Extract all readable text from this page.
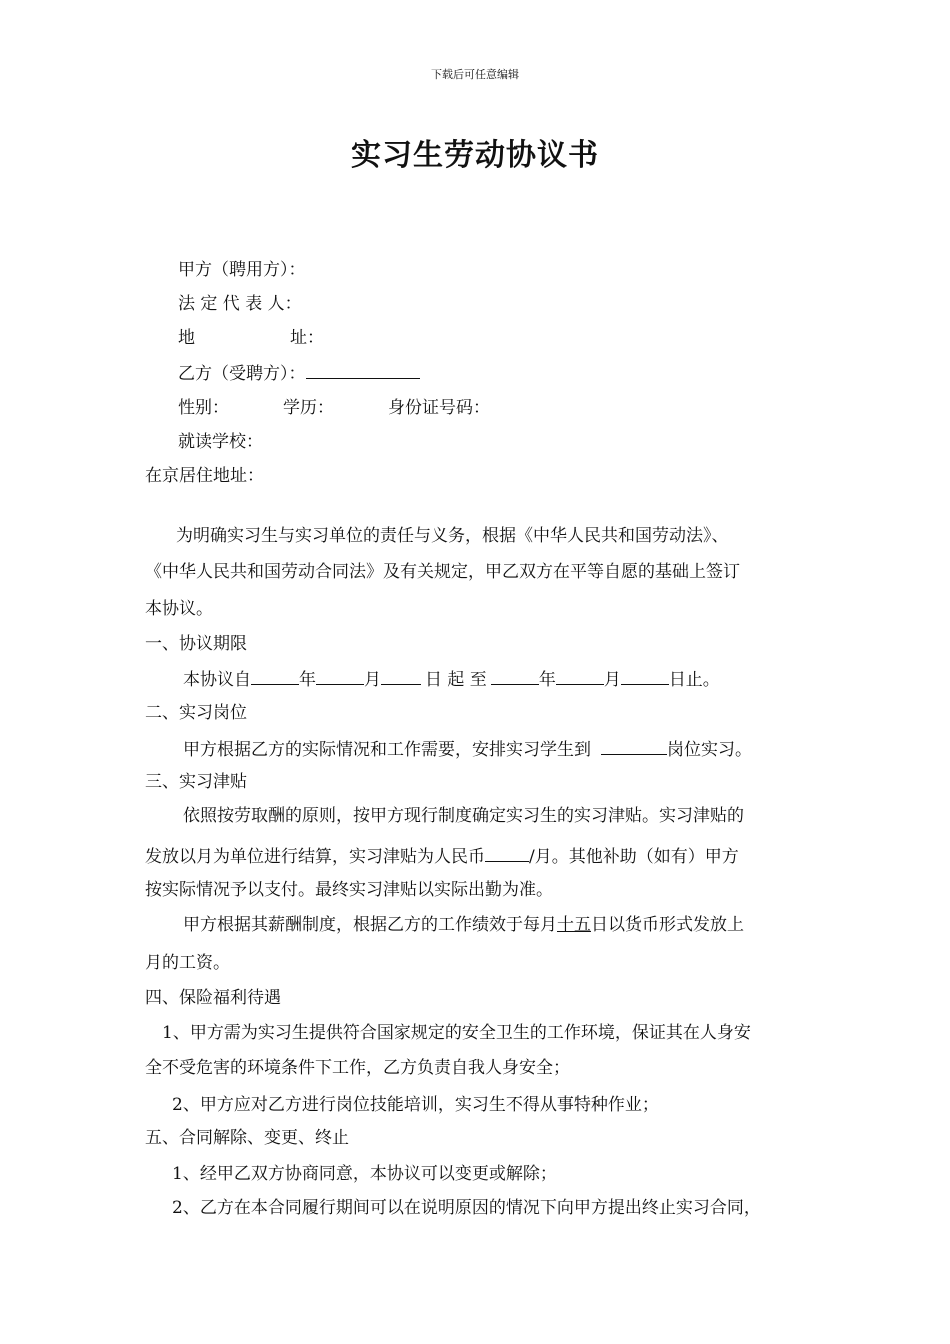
下载后可任意编辑
实习生劳动协议书
甲方（聘用方）：
法 定 代 表 人：
地	址：
乙方（受聘方）：
性别：	学历：	身份证号码：
就读学校：
在京居住地址：
为明确实习生与实习单位的责任与义务，根据《中华人民共和国劳动法》、
《中华人民共和国劳动合同法》及有关规定，甲乙双方在平等自愿的基础上签订
本协议。
一、协议期限
本协议自	年	月	日 起 至	年	月	日止。
二、实习岗位
甲方根据乙方的实际情况和工作需要，安排实习学生到	岗位实习。
三、实习津贴
依照按劳取酬的原则，按甲方现行制度确定实习生的实习津贴。实习津贴的
发放以月为单位进行结算，实习津贴为人民币	/月。其他补助（如有）甲方
按实际情况予以支付。最终实习津贴以实际出勤为准。
甲方根据其薪酬制度，根据乙方的工作绩效于每月十五日以货币形式发放上
月的工资。
四、保险福利待遇
1、甲方需为实习生提供符合国家规定的安全卫生的工作环境，保证其在人身安
全不受危害的环境条件下工作，乙方负责自我人身安全；
2、甲方应对乙方进行岗位技能培训，实习生不得从事特种作业；
五、合同解除、变更、终止
1、经甲乙双方协商同意，本协议可以变更或解除；
2、乙方在本合同履行期间可以在说明原因的情况下向甲方提出终止实习合同，
